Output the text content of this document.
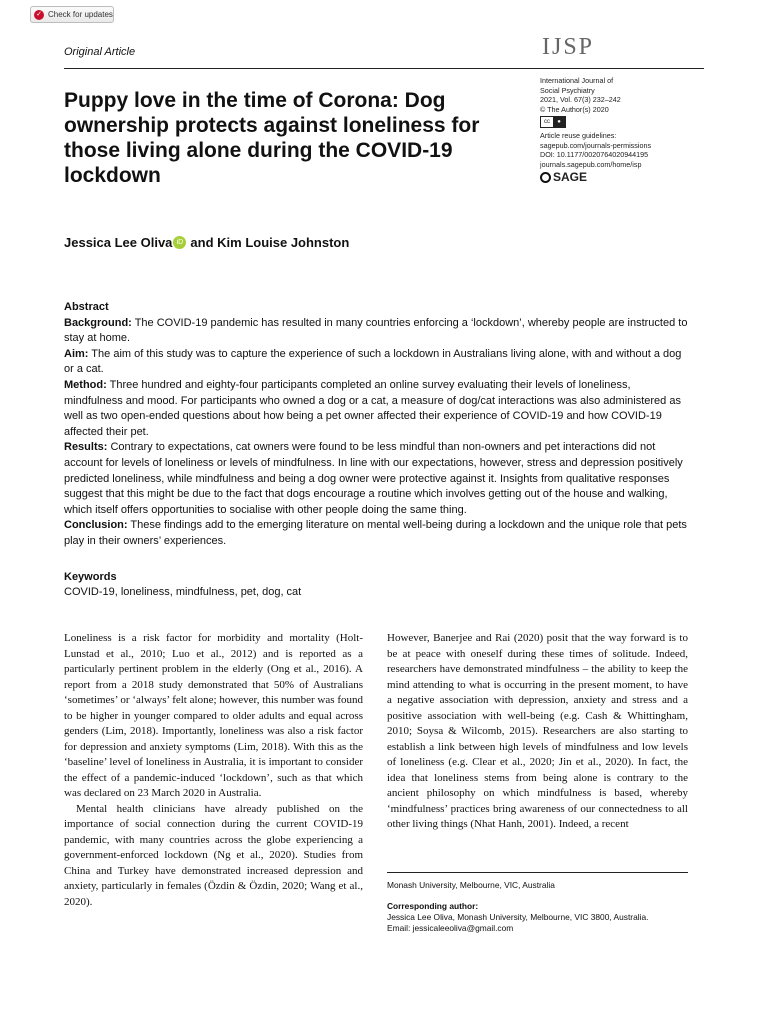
✓ Check for updates
Original Article	IJSP
Puppy love in the time of Corona: Dog ownership protects against loneliness for those living alone during the COVID-19 lockdown
International Journal of
Social Psychiatry
2021, Vol. 67(3) 232–242
© The Author(s) 2020
cc	●
Article reuse guidelines:
sagepub.com/journals-permissions
DOI: 10.1177/0020764020944195
journals.sagepub.com/home/isp
SAGE
Jessica Lee Oliva iD and Kim Louise Johnston

Abstract

Background: The COVID-19 pandemic has resulted in many countries enforcing a ‘lockdown’, whereby people are instructed to stay at home.

Aim: The aim of this study was to capture the experience of such a lockdown in Australians living alone, with and without a dog or a cat.

Method: Three hundred and eighty-four participants completed an online survey evaluating their levels of loneliness, mindfulness and mood. For participants who owned a dog or a cat, a measure of dog/cat interactions was also administered as well as two open-ended questions about how being a pet owner affected their experience of COVID-19 and how COVID-19 affected their pet.

Results: Contrary to expectations, cat owners were found to be less mindful than non-owners and pet interactions did not account for levels of loneliness or levels of mindfulness. In line with our expectations, however, stress and depression positively predicted loneliness, while mindfulness and being a dog owner were protective against it. Insights from qualitative responses suggest that this might be due to the fact that dogs encourage a routine which involves getting out of the house and walking, which itself offers opportunities to socialise with other people doing the same thing.

Conclusion: These findings add to the emerging literature on mental well-being during a lockdown and the unique role that pets play in their owners’ experiences.

Keywords
COVID-19, loneliness, mindfulness, pet, dog, cat

Loneliness is a risk factor for morbidity and mortality (Holt-Lunstad et al., 2010; Luo et al., 2012) and is reported as a particularly pertinent problem in the elderly (Ong et al., 2016). A report from a 2018 study demonstrated that 50% of Australians ‘sometimes’ or ‘always’ felt alone; however, this number was found to be higher in younger compared to older adults and equal across genders (Lim, 2018). Importantly, loneliness was also a risk factor for depression and anxiety symptoms (Lim, 2018). With this as the ‘baseline’ level of loneliness in Australia, it is important to consider the effect of a pandemic-induced ‘lockdown’, such as that which was declared on 23 March 2020 in Australia.

Mental health clinicians have already published on the importance of social connection during the current COVID-19 pandemic, with many countries across the globe experiencing a government-enforced lockdown (Ng et al., 2020). Studies from China and Turkey have demonstrated increased depression and anxiety, particularly in females (Özdin & Özdin, 2020; Wang et al., 2020).

However, Banerjee and Rai (2020) posit that the way forward is to be at peace with oneself during these times of solitude. Indeed, researchers have demonstrated mindfulness – the ability to keep the mind attending to what is occurring in the present moment, to have a negative association with depression, anxiety and stress and a positive association with well-being (e.g. Cash & Whittingham, 2010; Soysa & Wilcomb, 2015). Researchers are also starting to establish a link between high levels of mindfulness and low levels of loneliness (e.g. Clear et al., 2020; Jin et al., 2020). In fact, the idea that loneliness stems from being alone is contrary to the ancient philosophy on which mindfulness is based, whereby ‘mindfulness’ practices bring awareness of our connectedness to all other living things (Nhat Hanh, 2001). Indeed, a recent

Monash University, Melbourne, VIC, Australia
Corresponding author:
Jessica Lee Oliva, Monash University, Melbourne, VIC 3800, Australia.
Email: jessicaleeoliva@gmail.com
